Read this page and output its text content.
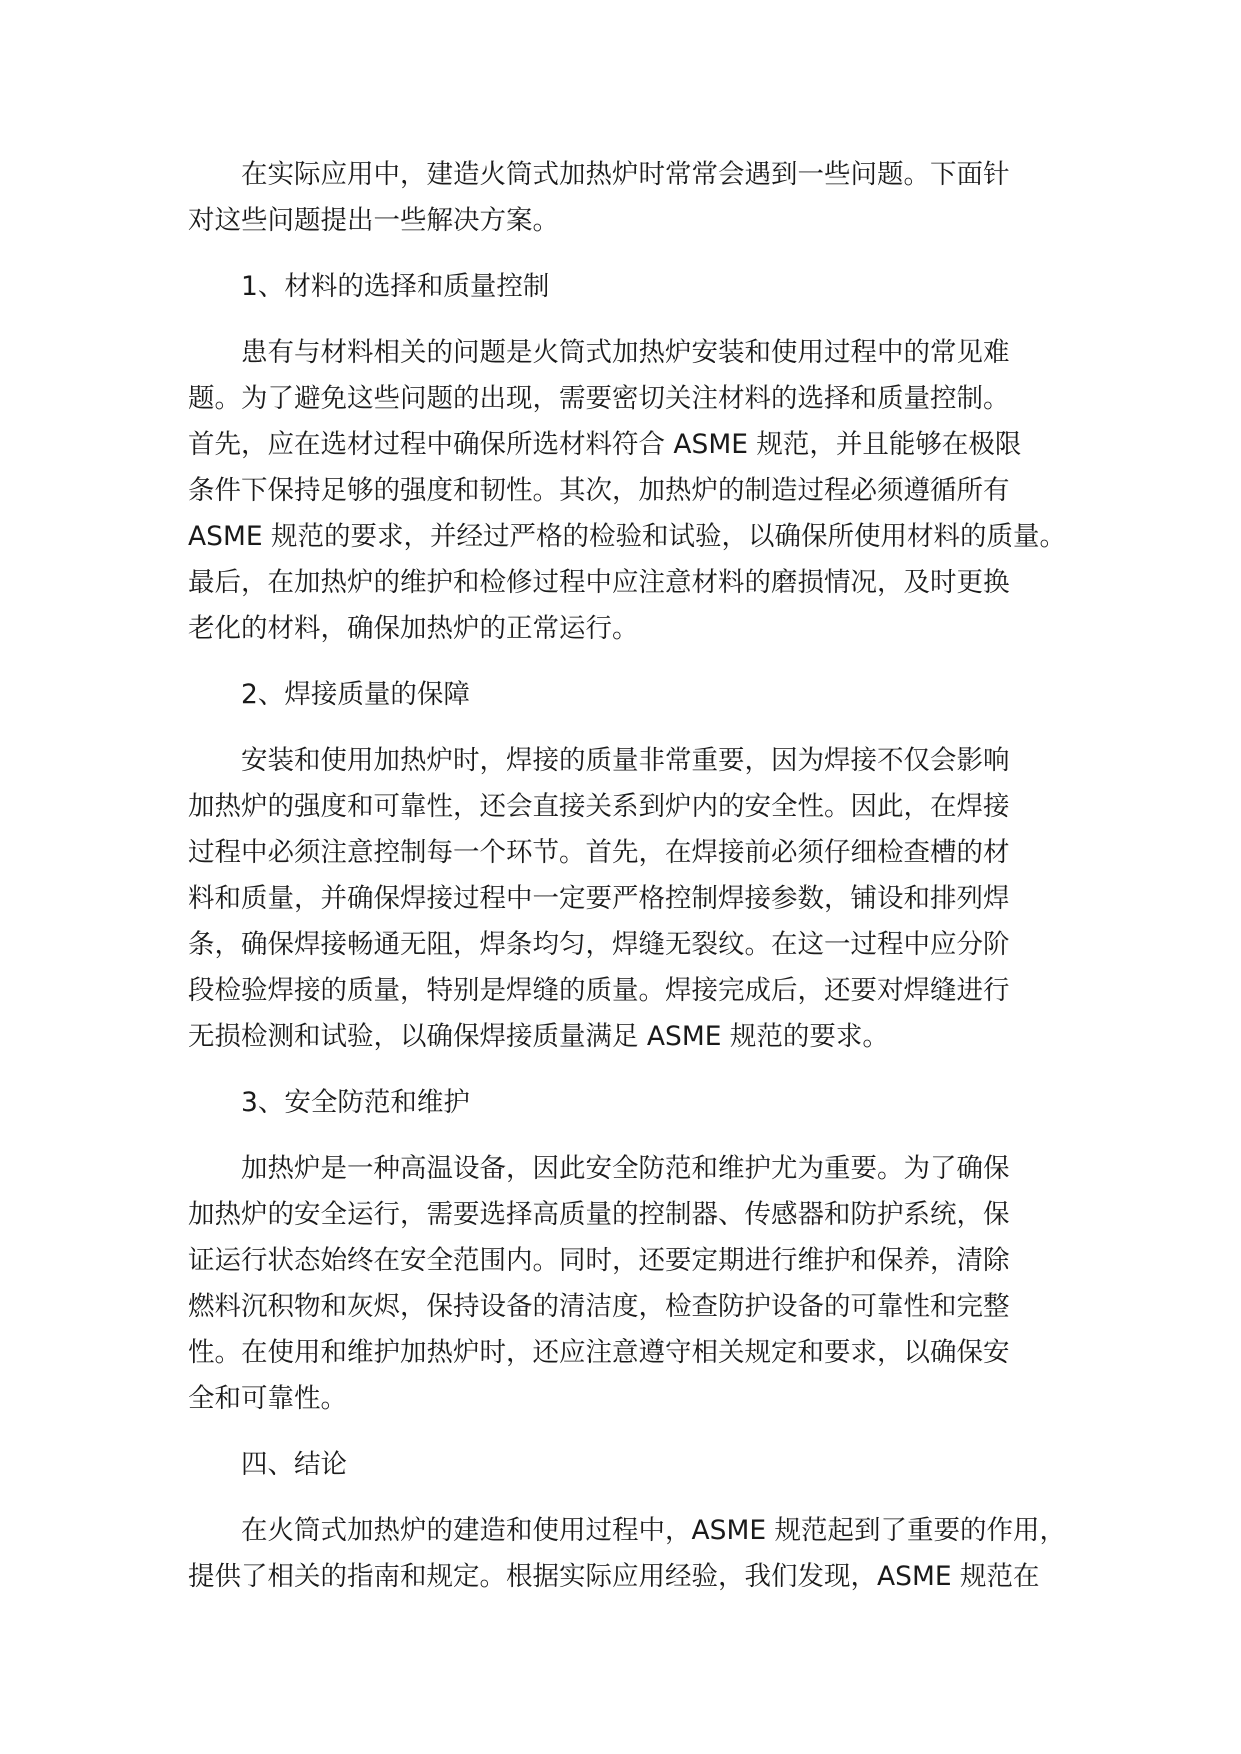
在实际应用中，建造火筒式加热炉时常常会遇到一些问题。下面针
对这些问题提出一些解决方案。

1、材料的选择和质量控制

患有与材料相关的问题是火筒式加热炉安装和使用过程中的常见难
题。为了避免这些问题的出现，需要密切关注材料的选择和质量控制。
首先，应在选材过程中确保所选材料符合 ASME 规范，并且能够在极限
条件下保持足够的强度和韧性。其次，加热炉的制造过程必须遵循所有
ASME 规范的要求，并经过严格的检验和试验，以确保所使用材料的质量。
最后，在加热炉的维护和检修过程中应注意材料的磨损情况，及时更换
老化的材料，确保加热炉的正常运行。

2、焊接质量的保障

安装和使用加热炉时，焊接的质量非常重要，因为焊接不仅会影响
加热炉的强度和可靠性，还会直接关系到炉内的安全性。因此，在焊接
过程中必须注意控制每一个环节。首先，在焊接前必须仔细检查槽的材
料和质量，并确保焊接过程中一定要严格控制焊接参数，铺设和排列焊
条，确保焊接畅通无阻，焊条均匀，焊缝无裂纹。在这一过程中应分阶
段检验焊接的质量，特别是焊缝的质量。焊接完成后，还要对焊缝进行
无损检测和试验，以确保焊接质量满足 ASME 规范的要求。

3、安全防范和维护

加热炉是一种高温设备，因此安全防范和维护尤为重要。为了确保
加热炉的安全运行，需要选择高质量的控制器、传感器和防护系统，保
证运行状态始终在安全范围内。同时，还要定期进行维护和保养，清除
燃料沉积物和灰烬，保持设备的清洁度，检查防护设备的可靠性和完整
性。在使用和维护加热炉时，还应注意遵守相关规定和要求，以确保安
全和可靠性。

四、结论

在火筒式加热炉的建造和使用过程中，ASME 规范起到了重要的作用，
提供了相关的指南和规定。根据实际应用经验，我们发现，ASME 规范在
